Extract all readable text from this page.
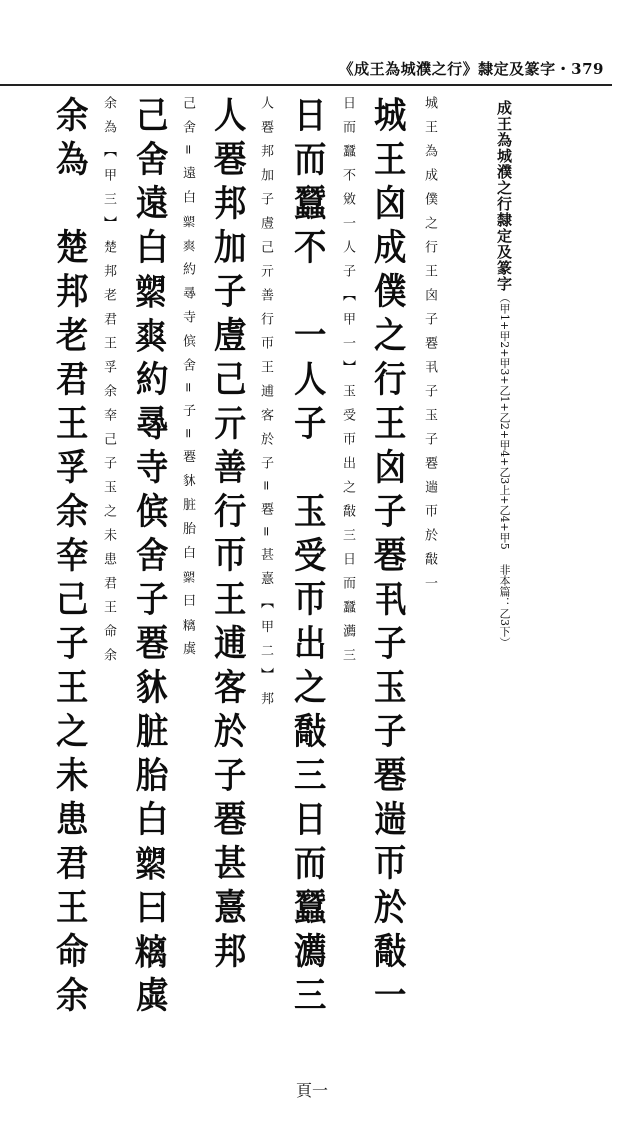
《成王為城濮之行》隸定及篆字・379
成王為城濮之行隸定及篆字（甲1+甲2+甲3+乙1+乙2+甲4+乙3上+乙4+甲5非本篇：乙3下）
城王為成僕之行王囟子䙴丮子玉子䙴遄帀於敽一
城王囟成僕之行王囟子䙴丮子玉子䙴遄帀於敽一
日而蠶不敓一人子【甲一】玉受帀出之敽三日而蠶瀳三
日而蠶不　一人子　玉受帀出之敽三日而蠶瀳三
人䙴邦加子䖒己亓善行帀王逋客於子=䙴=甚憙【甲二】邦
人䙴邦加子䖒己亓善行帀王逋客於子䙴甚憙邦
己舍=遠白𦃗𤕤約㝷寺傧舍=子=䙴䝗脏胎白𦃗曰𥻿虡
己舍遠白𦃗𤕤約㝷寺傧舍子䙴䝗脏胎白𦃗曰𥻿虡
余為【甲三】楚邦老君王孚余㚔己子玉之未患君王命余
余為　楚邦老君王孚余㚔己子王之未患君王命余
頁一
